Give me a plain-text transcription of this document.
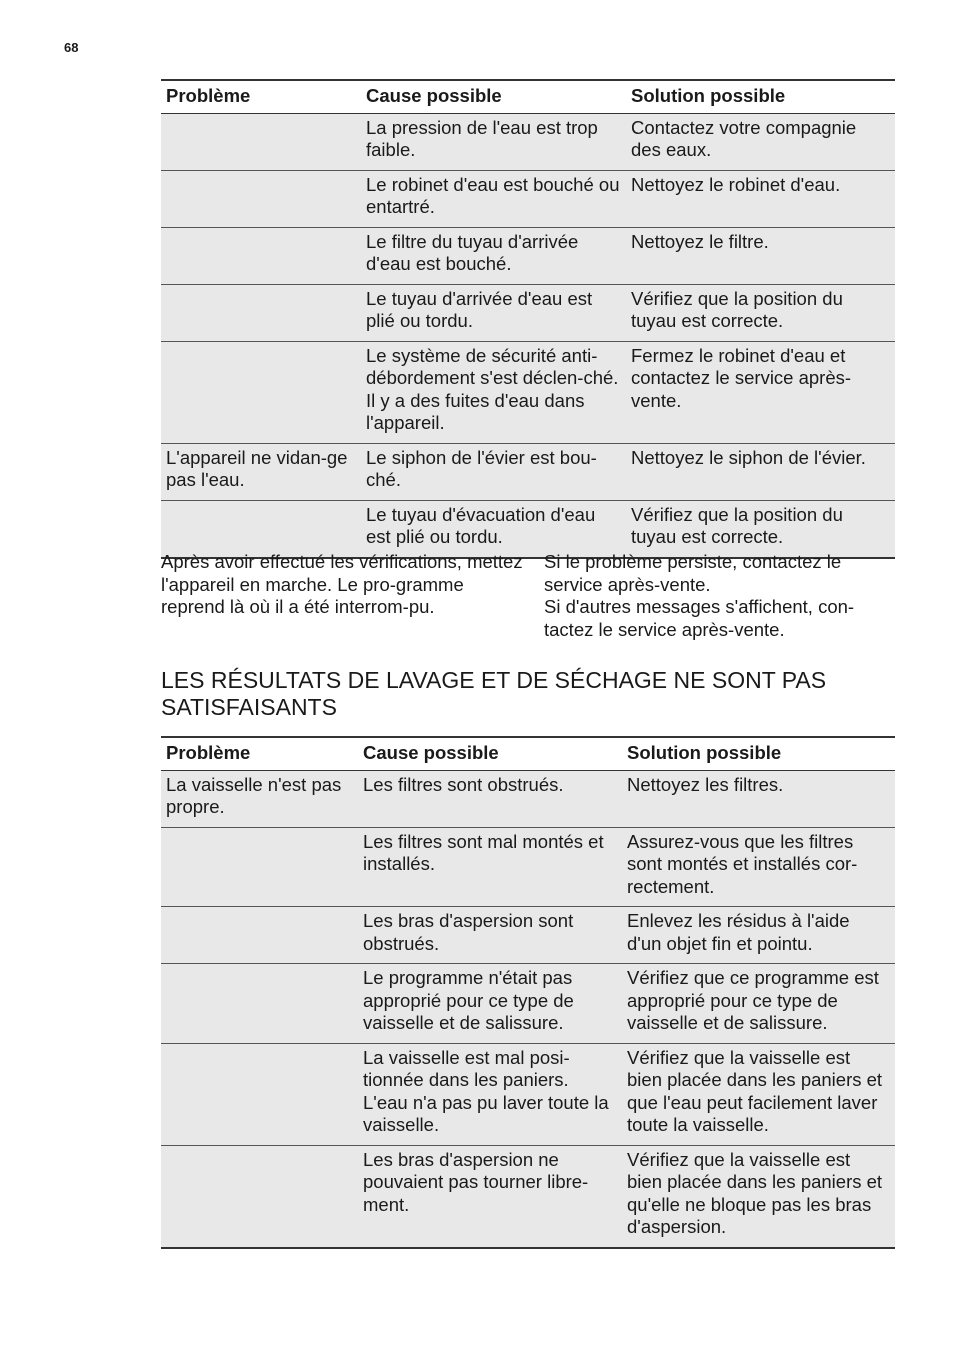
68
Problème	Cause possible	Solution possible
	La pression de l'eau est trop faible.	Contactez votre compagnie des eaux.
	Le robinet d'eau est bouché ou entartré.	Nettoyez le robinet d'eau.
	Le filtre du tuyau d'arrivée d'eau est bouché.	Nettoyez le filtre.
	Le tuyau d'arrivée d'eau est plié ou tordu.	Vérifiez que la position du tuyau est correcte.
	Le système de sécurité anti-débordement s'est déclen-ché. Il y a des fuites d'eau dans l'appareil.	Fermez le robinet d'eau et contactez le service après-vente.
L'appareil ne vidan-ge pas l'eau.	Le siphon de l'évier est bou-ché.	Nettoyez le siphon de l'évier.
	Le tuyau d'évacuation d'eau est plié ou tordu.	Vérifiez que la position du tuyau est correcte.

Après avoir effectué les vérifications, mettez l'appareil en marche. Le pro-gramme reprend là où il a été interrom-pu.

Si le problème persiste, contactez le service après-vente.

Si d'autres messages s'affichent, con-tactez le service après-vente.

LES RÉSULTATS DE LAVAGE ET DE SÉCHAGE NE SONT PAS SATISFAISANTS
Problème	Cause possible	Solution possible
La vaisselle n'est pas propre.	Les filtres sont obstrués.	Nettoyez les filtres.
	Les filtres sont mal montés et installés.	Assurez-vous que les filtres sont montés et installés cor-rectement.
	Les bras d'aspersion sont obstrués.	Enlevez les résidus à l'aide d'un objet fin et pointu.
	Le programme n'était pas approprié pour ce type de vaisselle et de salissure.	Vérifiez que ce programme est approprié pour ce type de vaisselle et de salissure.
	La vaisselle est mal posi-tionnée dans les paniers. L'eau n'a pas pu laver toute la vaisselle.	Vérifiez que la vaisselle est bien placée dans les paniers et que l'eau peut facilement laver toute la vaisselle.
	Les bras d'aspersion ne pouvaient pas tourner libre-ment.	Vérifiez que la vaisselle est bien placée dans les paniers et qu'elle ne bloque pas les bras d'aspersion.
